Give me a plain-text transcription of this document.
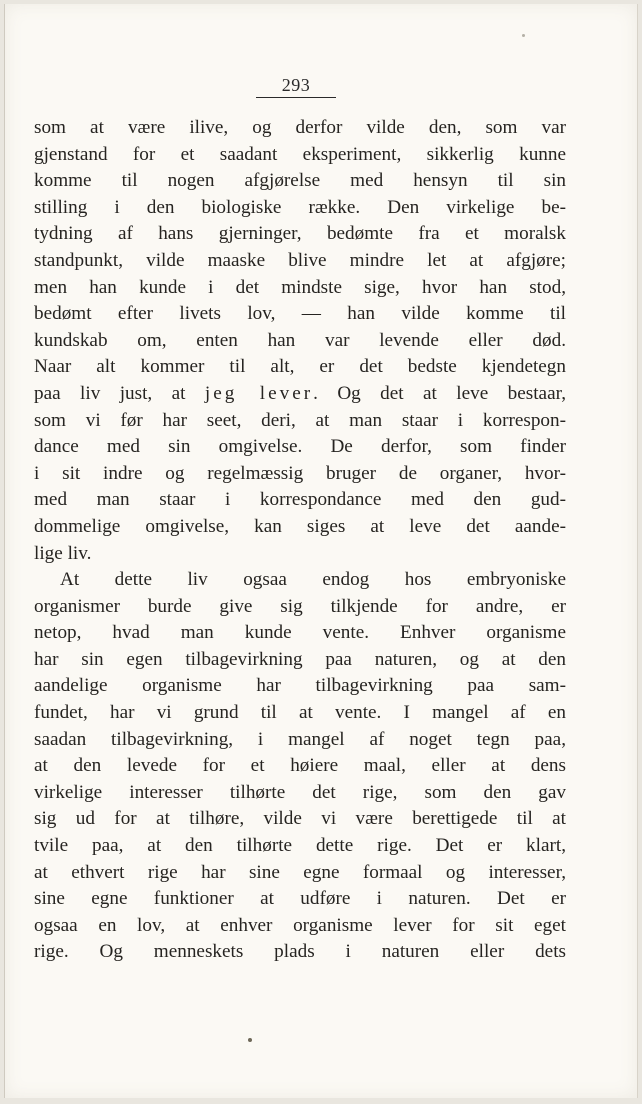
293
som at være ilive, og derfor vilde den, som var
gjenstand for et saadant eksperiment, sikkerlig kunne
komme til nogen afgjørelse med hensyn til sin
stilling i den biologiske række. Den virkelige be-
tydning af hans gjerninger, bedømte fra et moralsk
standpunkt, vilde maaske blive mindre let at afgjøre;
men han kunde i det mindste sige, hvor han stod,
bedømt efter livets lov, — han vilde komme til
kundskab om, enten han var levende eller død.
Naar alt kommer til alt, er det bedste kjendetegn
paa liv just, at jeg lever. Og det at leve bestaar,
som vi før har seet, deri, at man staar i korrespon-
dance med sin omgivelse. De derfor, som finder
i sit indre og regelmæssig bruger de organer, hvor-
med man staar i korrespondance med den gud-
dommelige omgivelse, kan siges at leve det aande-
lige liv.
At dette liv ogsaa endog hos embryoniske
organismer burde give sig tilkjende for andre, er
netop, hvad man kunde vente. Enhver organisme
har sin egen tilbagevirkning paa naturen, og at den
aandelige organisme har tilbagevirkning paa sam-
fundet, har vi grund til at vente. I mangel af en
saadan tilbagevirkning, i mangel af noget tegn paa,
at den levede for et høiere maal, eller at dens
virkelige interesser tilhørte det rige, som den gav
sig ud for at tilhøre, vilde vi være berettigede til at
tvile paa, at den tilhørte dette rige. Det er klart,
at ethvert rige har sine egne formaal og interesser,
sine egne funktioner at udføre i naturen. Det er
ogsaa en lov, at enhver organisme lever for sit eget
rige. Og menneskets plads i naturen eller dets
